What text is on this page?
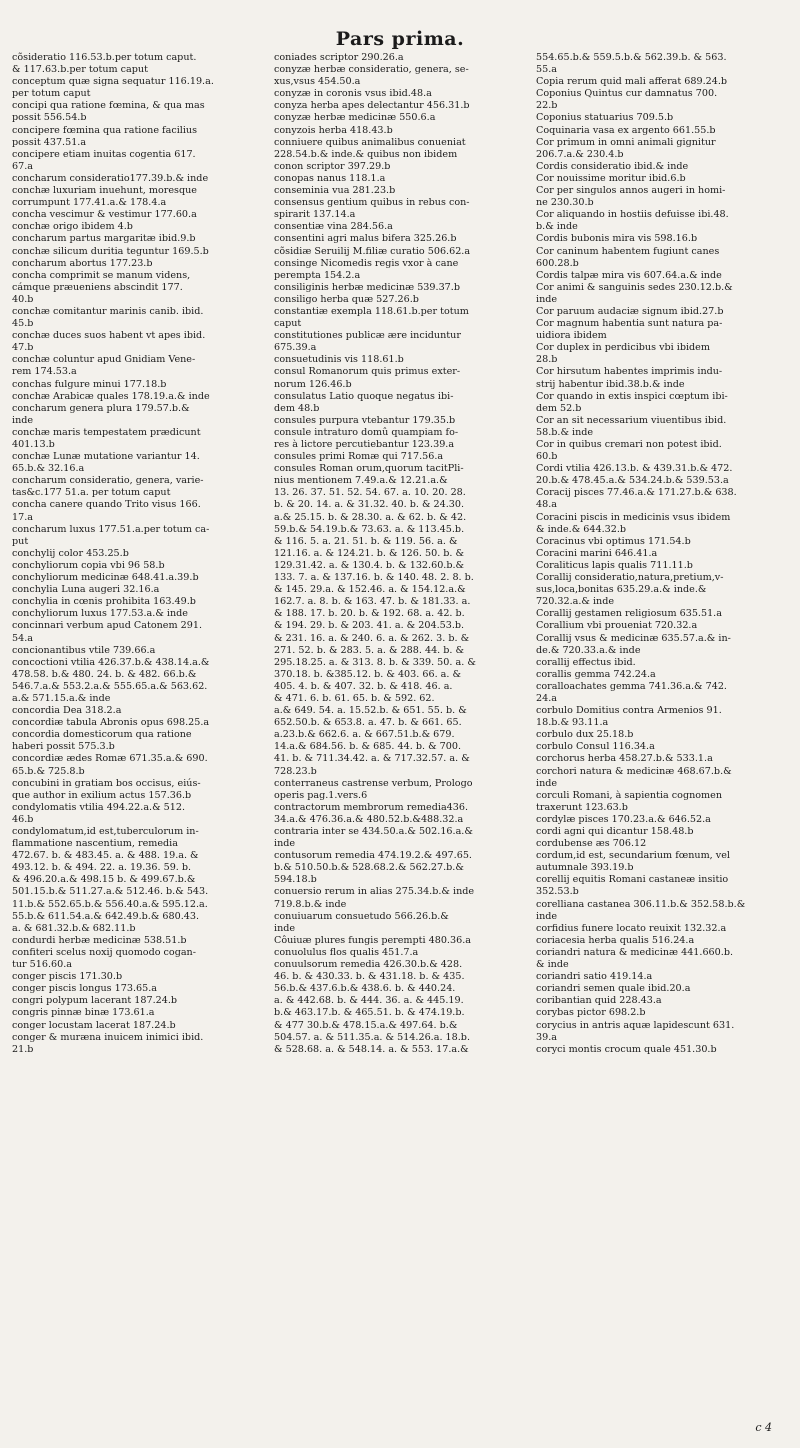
Pars prima.
cõsideratio 116.53.b.per totum caput.
& 117.63.b.per totum caput
conceptum quæ signa sequatur 116.19.a.
per totum caput
concipi qua ratione fœmina, & qua mas
possit 556.54.b
concipere fœmina qua ratione facilius
possit 437.51.a
concipere etiam inuitas cogentia 617.
67.a
concharum consideratio177.39.b.& inde
conchæ luxuriam inuehunt, moresque
corrumpunt 177.41.a.& 178.4.a
concha vescimur & vestimur 177.60.a
conchæ origo ibidem 4.b
concharum partus margaritæ ibid.9.b
conchæ silicum duritia teguntur 169.5.b
concharum abortus 177.23.b
concha comprimit se manum videns,
cámque præueniens abscindit 177.
40.b
conchæ comitantur marinis canib. ibid.
45.b
conchæ duces suos habent vt apes ibid.
47.b
conchæ coluntur apud Gnidiam Vene-
rem 174.53.a
conchas fulgure minui 177.18.b
conchæ Arabicæ quales 178.19.a.& inde
concharum genera plura 179.57.b.&
inde
conchæ maris tempestatem prædicunt
401.13.b
conchæ Lunæ mutatione variantur 14.
65.b.& 32.16.a
concharum consideratio, genera, varie-
tas&c.177 51.a. per totum caput
concha canere quando Trito visus 166.
17.a
concharum luxus 177.51.a.per totum ca-
put
conchylij color 453.25.b
conchyliorum copia vbi 96 58.b
conchyliorum medicinæ 648.41.a.39.b
conchylia Luna augeri 32.16.a
conchylia in cœnis prohibita 163.49.b
conchyliorum luxus 177.53.a.& inde
concinnari verbum apud Catonem 291.
54.a
concionantibus vtile 739.66.a
concoctioni vtilia 426.37.b.& 438.14.a.&
478.58. b.& 480. 24. b. & 482. 66.b.&
546.7.a.& 553.2.a.& 555.65.a.& 563.62.
a.& 571.15.a.& inde
concordia Dea 318.2.a
concordiæ tabula Abronis opus 698.25.a
concordia domesticorum qua ratione
haberi possit 575.3.b
concordiæ ædes Romæ 671.35.a.& 690.
65.b.& 725.8.b
concubini in gratiam bos occisus, eiús-
que author in exilium actus 157.36.b
condylomatis vtilia 494.22.a.& 512.
46.b
condylomatum,id est,tuberculorum in-
flammatione nascentium, remedia
472.67. b. & 483.45. a. & 488. 19.a. &
493.12. b. & 494. 22. a. 19.36. 59. b.
& 496.20.a.& 498.15 b. & 499.67.b.&
501.15.b.& 511.27.a.& 512.46. b.& 543.
11.b.& 552.65.b.& 556.40.a.& 595.12.a.
55.b.& 611.54.a.& 642.49.b.& 680.43.
a. & 681.32.b.& 682.11.b
condurdi herbæ medicinæ 538.51.b
confiteri scelus noxij quomodo cogan-
tur 516.60.a
conger piscis 171.30.b
conger piscis longus 173.65.a
congri polypum lacerant 187.24.b
congris pinnæ binæ 173.61.a
conger locustam lacerat 187.24.b
conger & muræna inuicem inimici ibid.
21.b
coniades scriptor 290.26.a
conyzæ herbæ consideratio, genera, se-
xus,vsus 454.50.a
conyzæ in coronis vsus ibid.48.a
conyza herba apes delectantur 456.31.b
conyzæ herbæ medicinæ 550.6.a
conyzois herba 418.43.b
conniuere quibus animalibus conueniat
228.54.b.& inde.& quibus non ibidem
conon scriptor 397.29.b
conopas nanus 118.1.a
conseminia vua 281.23.b
consensus gentium quibus in rebus con-
spirarit 137.14.a
consentiæ vina 284.56.a
consentini agri malus bifera 325.26.b
cõsidiæ Seruilij M.filiæ curatio 506.62.a
consinge Nicomedis regis vxor à cane
perempta 154.2.a
consiliginis herbæ medicinæ 539.37.b
consiligo herba quæ 527.26.b
constantiæ exempla 118.61.b.per totum
caput
constitutiones publicæ ære inciduntur
675.39.a
consuetudinis vis 118.61.b
consul Romanorum quis primus exter-
norum 126.46.b
consulatus Latio quoque negatus ibi-
dem 48.b
consules purpura vtebantur 179.35.b
consule intraturo domû quampiam fo-
res à lictore percutiebantur 123.39.a
consules primi Romæ qui 717.56.a
consules Roman orum,quorum tacitPli-
nius mentionem 7.49.a.& 12.21.a.&
13. 26. 37. 51. 52. 54. 67. a. 10. 20. 28.
b. & 20. 14. a. & 31.32. 40. b. & 24.30.
a.& 25.15. b. & 28.30. a. & 62. b. & 42.
59.b.& 54.19.b.& 73.63. a. & 113.45.b.
& 116. 5. a. 21. 51. b. & 119. 56. a. &
121.16. a. & 124.21. b. & 126. 50. b. &
129.31.42. a. & 130.4. b. & 132.60.b.&
133. 7. a. & 137.16. b. & 140. 48. 2. 8. b.
& 145. 29.a. & 152.46. a. & 154.12.a.&
162.7. a. 8. b. & 163. 47. b. & 181.33. a.
& 188. 17. b. 20. b. & 192. 68. a. 42. b.
& 194. 29. b. & 203. 41. a. & 204.53.b.
& 231. 16. a. & 240. 6. a. & 262. 3. b. &
271. 52. b. & 283. 5. a. & 288. 44. b. &
295.18.25. a. & 313. 8. b. & 339. 50. a. &
370.18. b. &385.12. b. & 403. 66. a. &
405. 4. b. & 407. 32. b. & 418. 46. a.
& 471. 6. b. 61. 65. b. & 592. 62.
a.& 649. 54. a. 15.52.b. & 651. 55. b. &
652.50.b. & 653.8. a. 47. b. & 661. 65.
a.23.b.& 662.6. a. & 667.51.b.& 679.
14.a.& 684.56. b. & 685. 44. b. & 700.
41. b. & 711.34.42. a. & 717.32.57. a. &
728.23.b
conterraneus castrense verbum, Prologo
operis pag.1.vers.6
contractorum membrorum remedia436.
34.a.& 476.36.a.& 480.52.b.&488.32.a
contraria inter se 434.50.a.& 502.16.a.&
inde
contusorum remedia 474.19.2.& 497.65.
b.& 510.50.b.& 528.68.2.& 562.27.b.&
594.18.b
conuersio rerum in alias 275.34.b.& inde
719.8.b.& inde
conuiuarum consuetudo 566.26.b.&
inde
Côuiuæ plures fungis perempti 480.36.a
conuolulus flos qualis 451.7.a
conuulsorum remedia 426.30.b.& 428.
46. b. & 430.33. b. & 431.18. b. & 435.
56.b.& 437.6.b.& 438.6. b. & 440.24.
a. & 442.68. b. & 444. 36. a. & 445.19.
b.& 463.17.b. & 465.51. b. & 474.19.b.
& 477 30.b.& 478.15.a.& 497.64. b.&
504.57. a. & 511.35.a. & 514.26.a. 18.b.
& 528.68. a. & 548.14. a. & 553. 17.a.&
554.65.b.& 559.5.b.& 562.39.b. & 563.
55.a
Copia rerum quid mali afferat 689.24.b
Coponius Quintus cur damnatus 700.
22.b
Coponius statuarius 709.5.b
Coquinaria vasa ex argento 661.55.b
Cor primum in omni animali gignitur
206.7.a.& 230.4.b
Cordis consideratio ibid.& inde
Cor nouissime moritur ibid.6.b
Cor per singulos annos augeri in homi-
ne 230.30.b
Cor aliquando in hostiis defuisse ibi.48.
b.& inde
Cordis bubonis mira vis 598.16.b
Cor caninum habentem fugiunt canes
600.28.b
Cordis talpæ mira vis 607.64.a.& inde
Cor animi & sanguinis sedes 230.12.b.&
inde
Cor paruum audaciæ signum ibid.27.b
Cor magnum habentia sunt natura pa-
uidiora ibidem
Cor duplex in perdicibus vbi ibidem
28.b
Cor hirsutum habentes imprimis indu-
strij habentur ibid.38.b.& inde
Cor quando in extis inspici cœptum ibi-
dem 52.b
Cor an sit necessarium viuentibus ibid.
58.b.& inde
Cor in quibus cremari non potest ibid.
60.b
Cordi vtilia 426.13.b. & 439.31.b.& 472.
20.b.& 478.45.a.& 534.24.b.& 539.53.a
Coracij pisces 77.46.a.& 171.27.b.& 638.
48.a
Coracini piscis in medicinis vsus ibidem
& inde.& 644.32.b
Coracinus vbi optimus 171.54.b
Coracini marini 646.41.a
Coraliticus lapis qualis 711.11.b
Corallij consideratio,natura,pretium,v-
sus,loca,bonitas 635.29.a.& inde.&
720.32.a.& inde
Corallij gestamen religiosum 635.51.a
Corallium vbi proueniat 720.32.a
Corallij vsus & medicinæ 635.57.a.& in-
de.& 720.33.a.& inde
corallij effectus ibid.
corallis gemma 742.24.a
coralloachates gemma 741.36.a.& 742.
24.a
corbulo Domitius contra Armenios 91.
18.b.& 93.11.a
corbulo dux 25.18.b
corbulo Consul 116.34.a
corchorus herba 458.27.b.& 533.1.a
corchori natura & medicinæ 468.67.b.&
inde
corculi Romani, à sapientia cognomen
traxerunt 123.63.b
cordylæ pisces 170.23.a.& 646.52.a
cordi agni qui dicantur 158.48.b
cordubense æs 706.12
cordum,id est, secundarium fœnum, vel
autumnale 393.19.b
corellij equitis Romani castaneæ insitio
352.53.b
corelliana castanea 306.11.b.& 352.58.b.&
inde
corfidius funere locato reuixit 132.32.a
coriacesia herba qualis 516.24.a
coriandri natura & medicinæ 441.660.b.
& inde
coriandri satio 419.14.a
coriandri semen quale ibid.20.a
coribantian quid 228.43.a
corybas pictor 698.2.b
corycius in antris aquæ lapidescunt 631.
39.a
coryci montis crocum quale 451.30.b
c 4
